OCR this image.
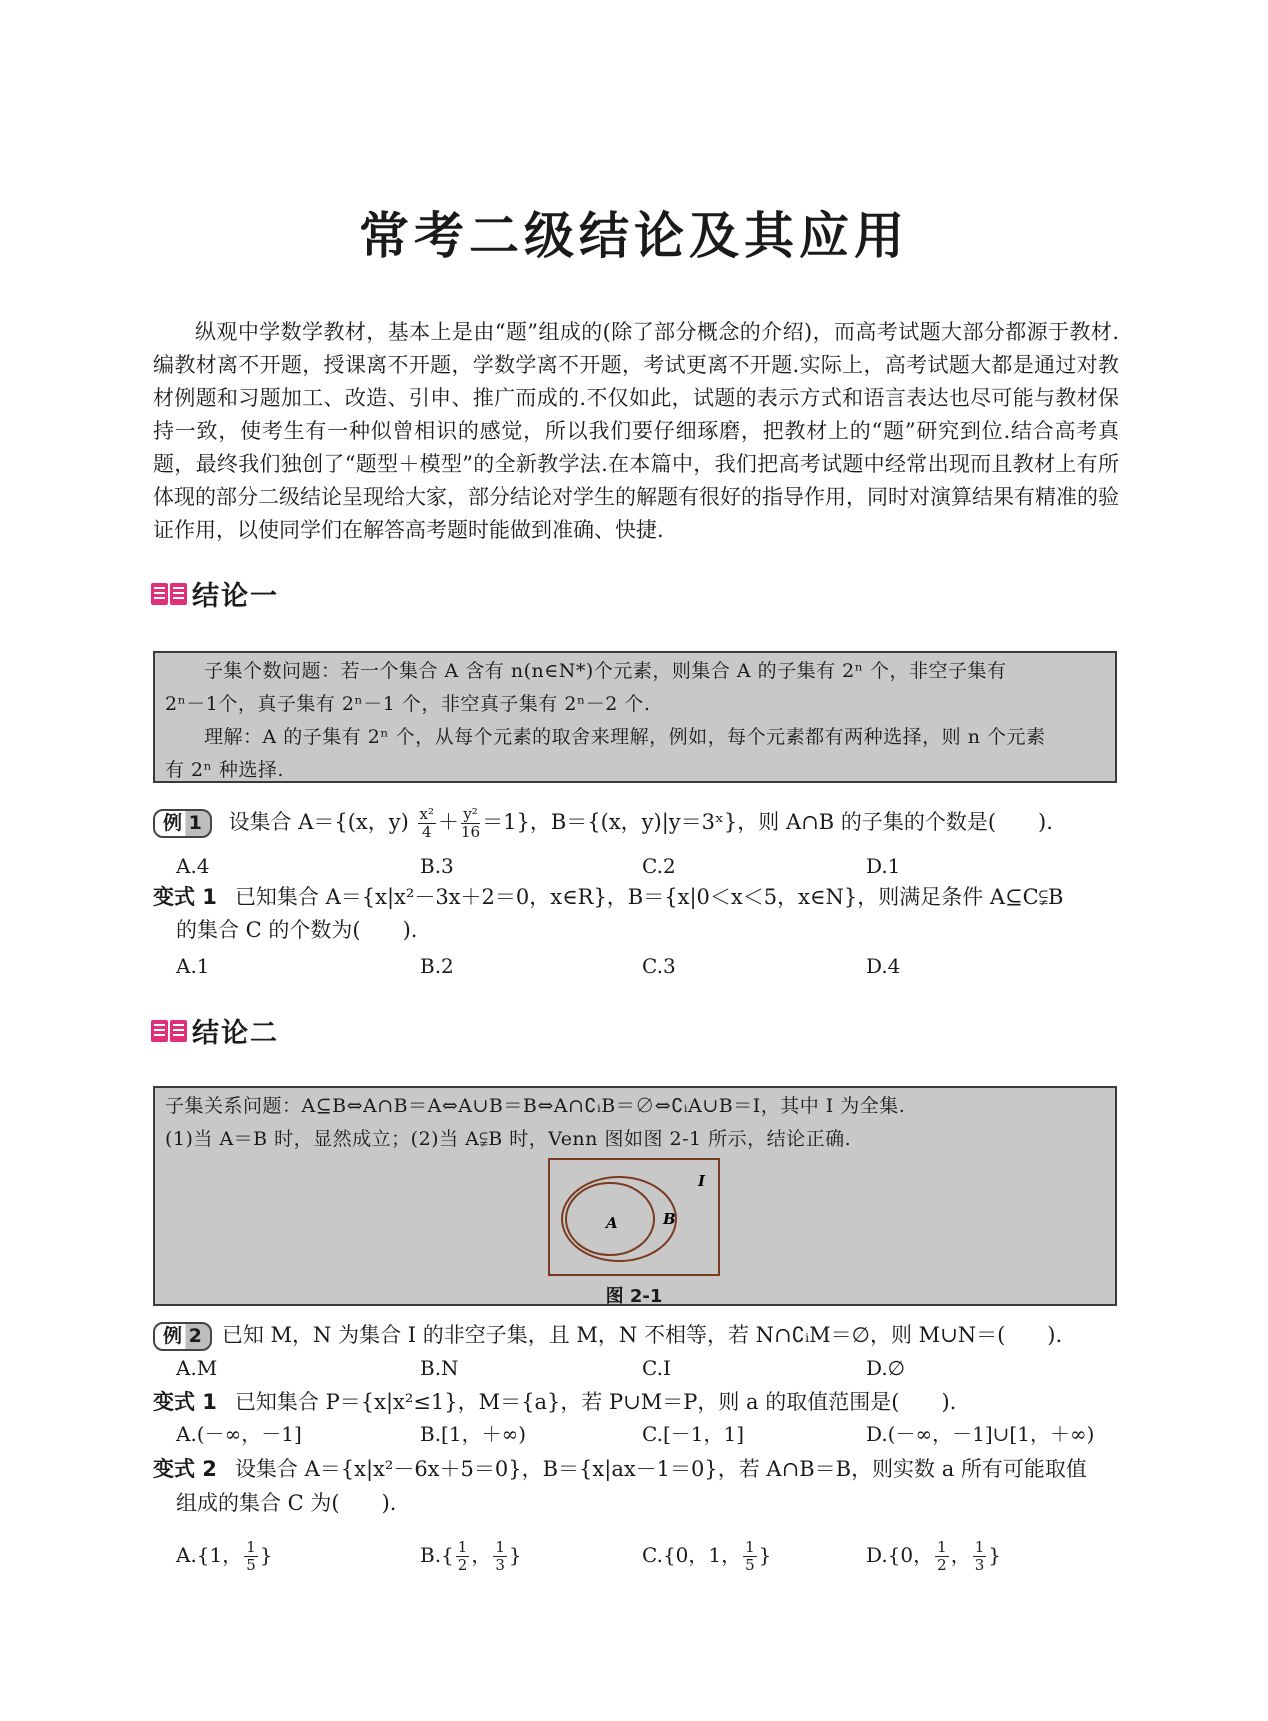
常考二级结论及其应用

纵观中学数学教材，基本上是由“题”组成的(除了部分概念的介绍)，而高考试题大部分都源于教材.编教材离不开题，授课离不开题，学数学离不开题，考试更离不开题.实际上，高考试题大都是通过对教材例题和习题加工、改造、引申、推广而成的.不仅如此，试题的表示方式和语言表达也尽可能与教材保持一致，使考生有一种似曾相识的感觉，所以我们要仔细琢磨，把教材上的“题”研究到位.结合高考真题，最终我们独创了“题型＋模型”的全新教学法.在本篇中，我们把高考试题中经常出现而且教材上有所体现的部分二级结论呈现给大家，部分结论对学生的解题有很好的指导作用，同时对演算结果有精准的验证作用，以使同学们在解答高考题时能做到准确、快捷.

结论一

　　子集个数问题：若一个集合 A 含有 n(n∈N*)个元素，则集合 A 的子集有 2ⁿ 个，非空子集有

2ⁿ－1个，真子集有 2ⁿ－1 个，非空真子集有 2ⁿ－2 个.

　　理解：A 的子集有 2ⁿ 个，从每个元素的取舍来理解，例如，每个元素都有两种选择，则 n 个元素

有 2ⁿ 种选择.

例 1 设集合 A＝{(x，$y) \frac{\text{x²}}{4} + \frac{\text{y²}}{16} =1$}，B＝{(x，y)|y＝3ˣ}，则 A∩B 的子集的个数是(　　).
A.4	B.3	C.2	D.1
变式 1 已知集合 A＝{x|x²－3x＋2＝0，x∈R}，B＝{x|0＜x＜5，x∈N}，则满足条件 A⊆C⫋B
的集合 C 的个数为(　　).
A.1	B.2	C.3	D.4
结论二

子集关系问题：A⊆B⇔A∩B＝A⇔A∪B＝B⇔A∩∁ᵢB＝∅⇔∁ᵢA∪B＝I，其中 I 为全集.

(1)当 A＝B 时，显然成立；(2)当 A⫋B 时，Venn 图如图 2-1 所示，结论正确.

I
A	B
图 2-1
例 2 已知 M，N 为集合 I 的非空子集，且 M，N 不相等，若 N∩∁ᵢM＝∅，则 M∪N＝(　　).
A.M	B.N	C.I	D.∅
变式 1 已知集合 P＝{x|x²≤1}，M＝{a}，若 P∪M＝P，则 a 的取值范围是(　　).
A.(－∞，－1]	B.[1，＋∞)	C.[－1，1]	D.(－∞，－1]∪[1，＋∞)
变式 2 设集合 A＝{x|x²－6x＋5＝0}，B＝{x|ax－1＝0}，若 A∩B＝B，则实数 a 所有可能取值
组成的集合 C 为(　　).
A.{1， $\frac{1}{5}$ }	$B.\{ \frac{1}{2}$ ， $\frac{1}{3}$ }	C.{0，1， $\frac{1}{5}$ }	D.{0， $\frac{1}{2}$ ， $\frac{1}{3}$ }
